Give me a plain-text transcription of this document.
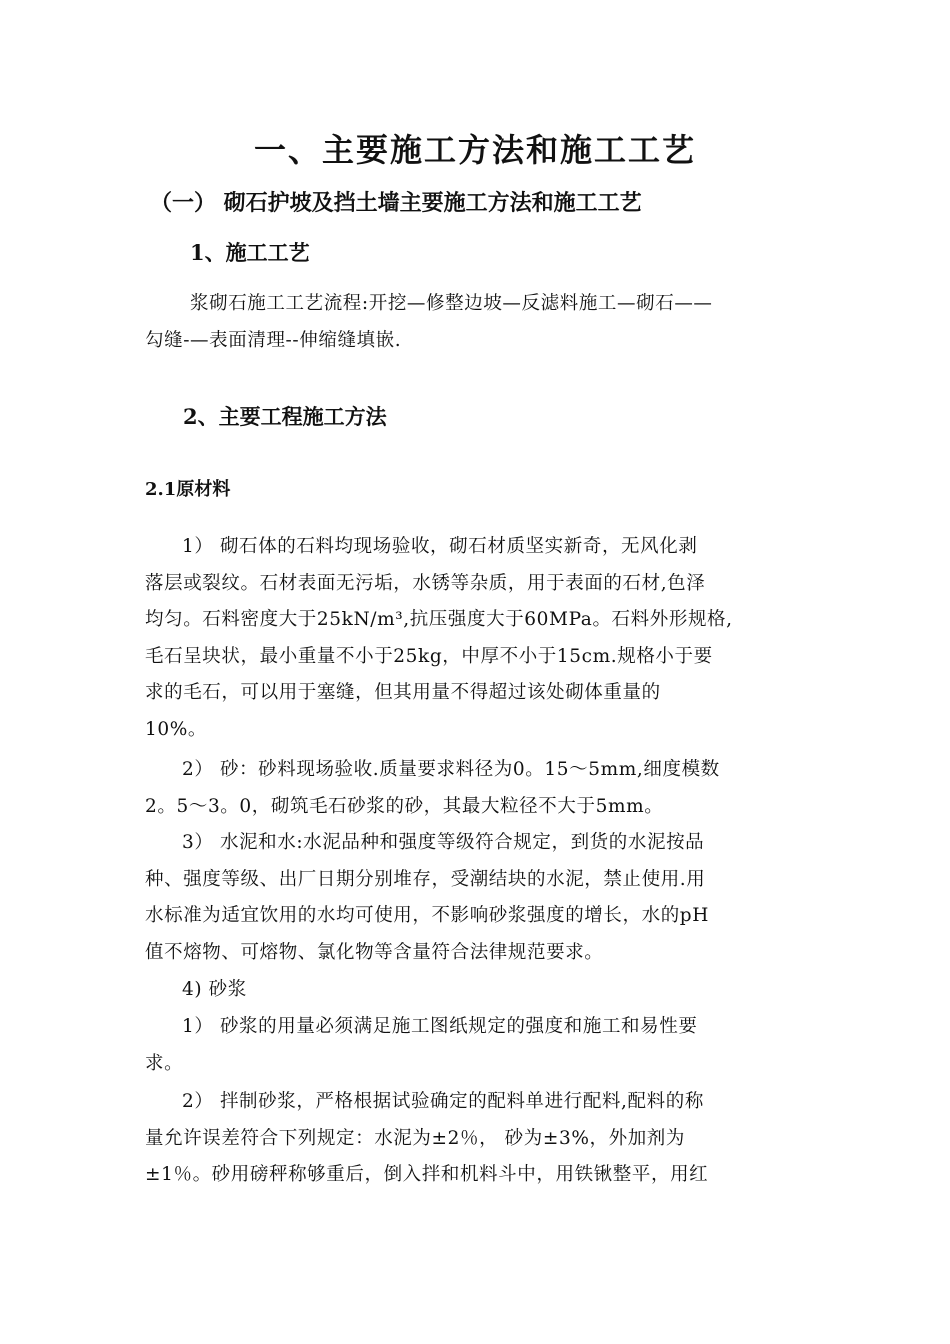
一、主要施工方法和施工工艺
（一） 砌石护坡及挡土墙主要施工方法和施工工艺
1、施工工艺
浆砌石施工工艺流程:开挖—修整边坡—反滤料施工—砌石——
勾缝-—表面清理--伸缩缝填嵌.
2、主要工程施工方法
2.1原材料
1） 砌石体的石料均现场验收，砌石材质坚实新奇，无风化剥
落层或裂纹。石材表面无污垢，水锈等杂质，用于表面的石材,色泽
均匀。石料密度大于25kN/m³,抗压强度大于60MPa。石料外形规格,
毛石呈块状，最小重量不小于25kg，中厚不小于15cm.规格小于要
求的毛石，可以用于塞缝，但其用量不得超过该处砌体重量的
10%。
2） 砂：砂料现场验收.质量要求料径为0。15～5mm,细度模数
2。5～3。0，砌筑毛石砂浆的砂，其最大粒径不大于5mm。
3） 水泥和水:水泥品种和强度等级符合规定，到货的水泥按品
种、强度等级、出厂日期分别堆存，受潮结块的水泥，禁止使用.用
水标准为适宜饮用的水均可使用，不影响砂浆强度的增长，水的pH
值不熔物、可熔物、氯化物等含量符合法律规范要求。
4) 砂浆
1） 砂浆的用量必须满足施工图纸规定的强度和施工和易性要
求。
2） 拌制砂浆，严格根据试验确定的配料单进行配料,配料的称
量允许误差符合下列规定：水泥为±2％， 砂为±3%，外加剂为
±1％。砂用磅秤称够重后，倒入拌和机料斗中，用铁锹整平，用红
